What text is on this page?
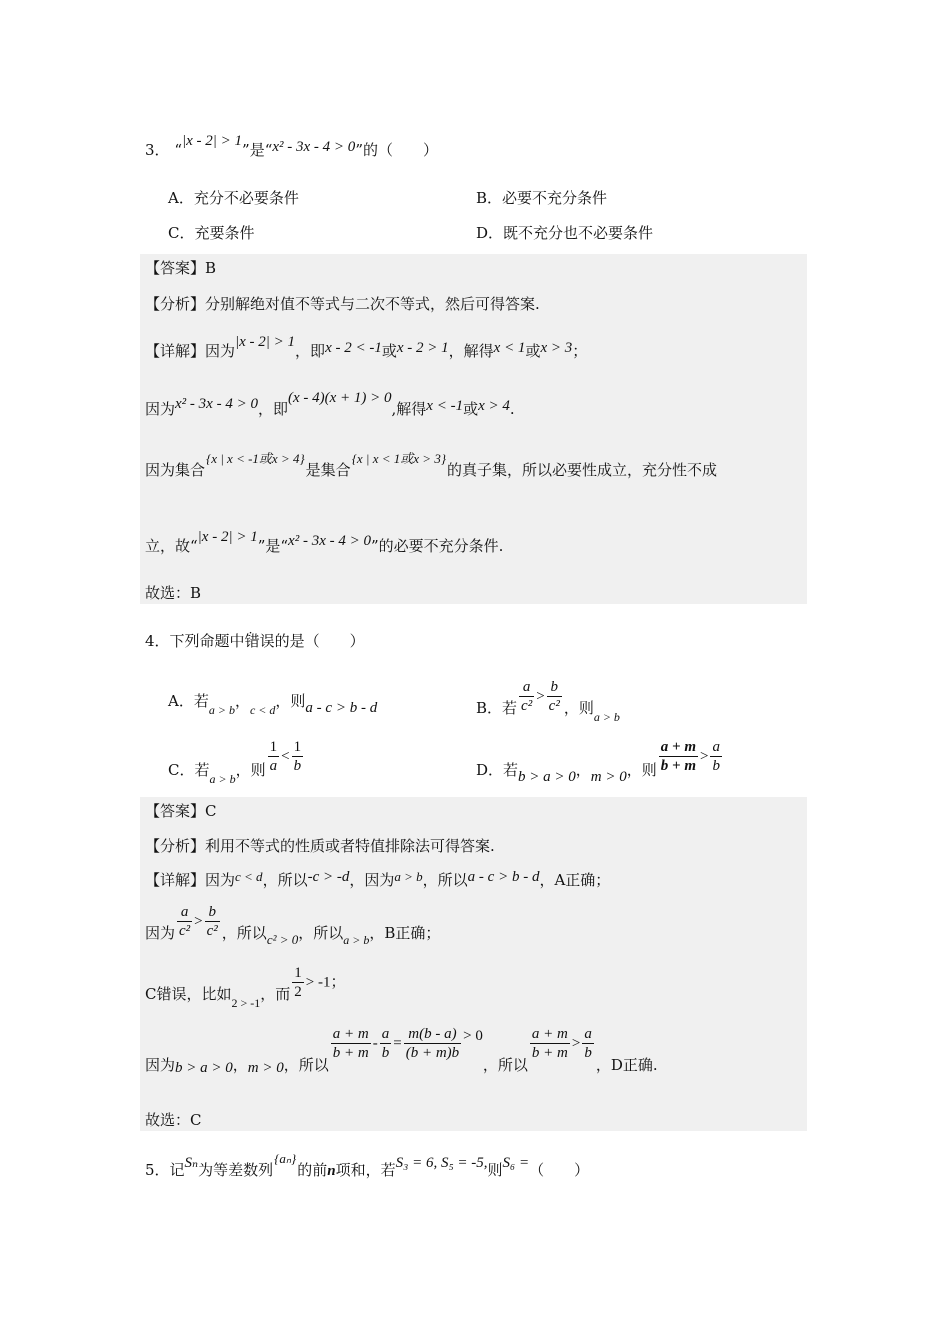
3． “|x - 2| > 1”是“x² - 3x - 4 > 0”的（　　）
A．充分不必要条件	B．必要不充分条件
C．充要条件	D．既不充分也不必要条件
【答案】B
【分析】分别解绝对值不等式与二次不等式，然后可得答案.
【详解】因为|x - 2| > 1，即x - 2 < -1或x - 2 > 1，解得x < 1或x > 3；
因为x² - 3x - 4 > 0，即(x - 4)(x + 1) > 0,解得x < -1或x > 4.
因为集合{x | x < -1或x > 4}是集合{x | x < 1或x > 3}的真子集，所以必要性成立，充分性不成
立，故“|x - 2| > 1”是“x² - 3x - 4 > 0”的必要不充分条件.
故选：B
4．下列命题中错误的是（　　）
A．若$_{a > b}$，$_{c < d}$，则a - c > b - d	B．若 $\frac{a}{\text{c²}} > \frac{b}{\text{c²}}$ ，则$_{a > b}$
C．若$_{a > b}$，则 $\frac{1}{a} < \frac{1}{b}$	D．若b > a > 0，m > 0，则 $\frac{a + m}{b + m} > \frac{a}{b}$
【答案】C
【分析】利用不等式的性质或者特值排除法可得答案.
【详解】因为c < d，所以-c > -d，因为a > b，所以a - c > b - d，A正确；
因为 $\frac{a}{\text{c²}} > \frac{b}{\text{c²}}$ ，所以c² > 0，所以$_{a > b}$，B正确；
C错误，比如$_{2 > -1}$，而 $\frac{1}{2} > -1$；
因为b > a > 0，m > 0，所以
$\frac{a + m}{b + m} - \frac{a}{b} = \frac{m(b - a)}{(b + m)b} > 0$，所以
$\frac{a + m}{b + m} > \frac{a}{b}$
，D正确.
故选：C
5．记Sₙ为等差数列{aₙ}的前n项和，若S₃ = 6, S₅ = -5,则S₆ =（　　）
